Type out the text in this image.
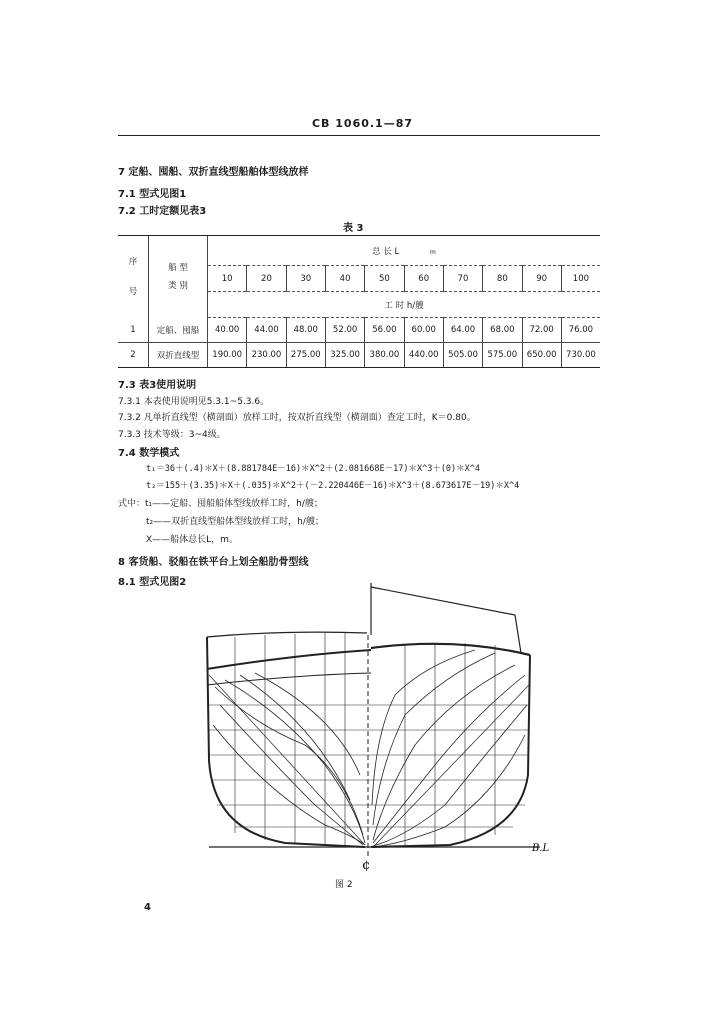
CB 1060.1—87
7 定船、囤船、双折直线型船舶体型线放样
7.1 型式见图1
7.2 工时定额见表3
表 3
序
号	船 型
类 别	总 长 L m									
		10	20	30	40	50	60	70	80	90	100
		工 时 h/艘									
1	定船、囤船	40.00	44.00	48.00	52.00	56.00	60.00	64.00	68.00	72.00	76.00
2	双折直线型	190.00	230.00	275.00	325.00	380.00	440.00	505.00	575.00	650.00	730.00
7.3 表3使用说明
7.3.1 本表使用说明见5.3.1~5.3.6。
7.3.2 凡单折直线型（横剖面）放样工时，按双折直线型（横剖面）查定工时，K＝0.80。
7.3.3 技术等级：3~4级。
7.4 数学模式
t₁＝36＋(.4)＊X＋(8.881784E－16)＊X^2＋(2.081668E－17)＊X^3＋(0)＊X^4
t₂＝155＋(3.35)＊X＋(.035)＊X^2＋(－2.220446E－16)＊X^3＋(8.673617E－19)＊X^4
式中：t₁——定船、囤船船体型线放样工时，h/艘；
t₂——双折直线型船体型线放样工时，h/艘；
X——船体总长L，m。
8 客货船、驳船在铁平台上划全船肋骨型线
8.1 型式见图2
B.L
¢
图 2
4
